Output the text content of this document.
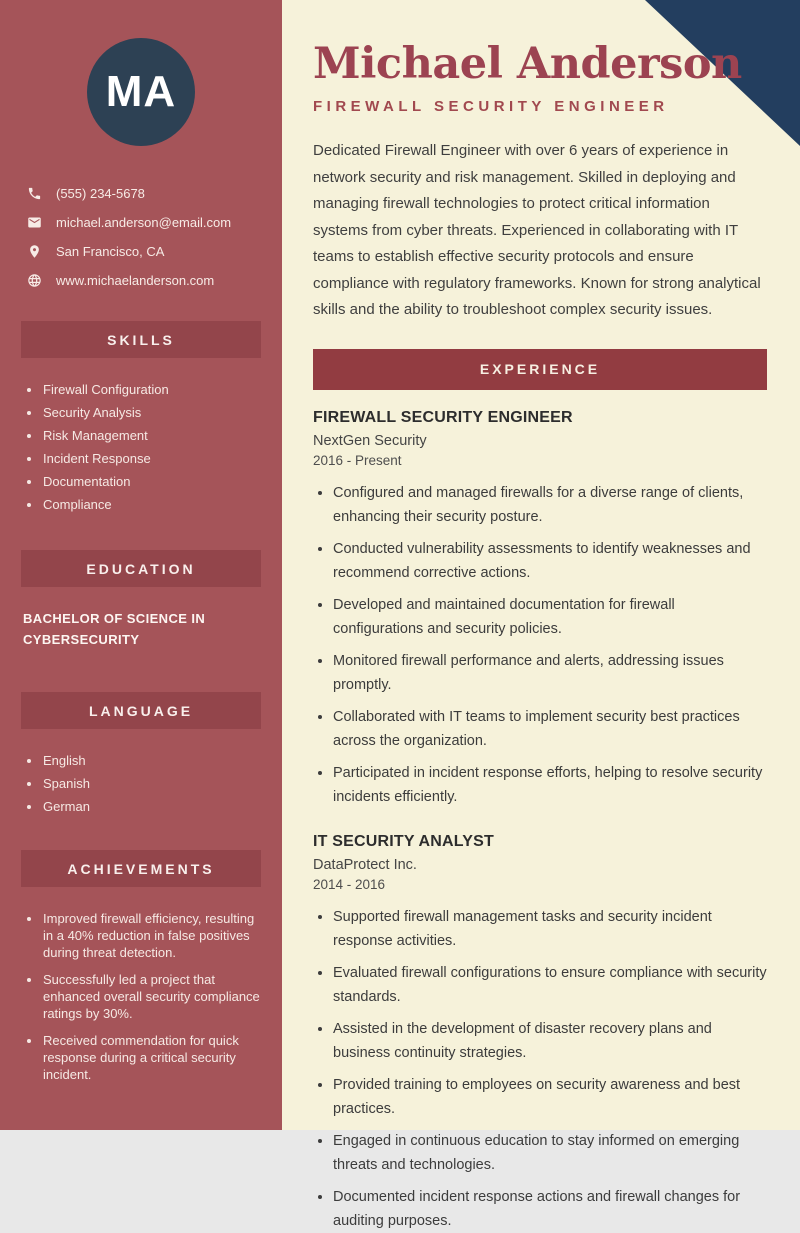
MA
(555) 234-5678
michael.anderson@email.com
San Francisco, CA
www.michaelanderson.com
SKILLS
Firewall Configuration
Security Analysis
Risk Management
Incident Response
Documentation
Compliance
EDUCATION
BACHELOR OF SCIENCE IN CYBERSECURITY
LANGUAGE
English
Spanish
German
ACHIEVEMENTS
Improved firewall efficiency, resulting in a 40% reduction in false positives during threat detection.
Successfully led a project that enhanced overall security compliance ratings by 30%.
Received commendation for quick response during a critical security incident.
Michael Anderson
FIREWALL SECURITY ENGINEER

Dedicated Firewall Engineer with over 6 years of experience in network security and risk management. Skilled in deploying and managing firewall technologies to protect critical information systems from cyber threats. Experienced in collaborating with IT teams to establish effective security protocols and ensure compliance with regulatory frameworks. Known for strong analytical skills and the ability to troubleshoot complex security issues.

EXPERIENCE
FIREWALL SECURITY ENGINEER
NextGen Security
2016 - Present
• Configured and managed firewalls for a diverse range of clients, enhancing their security posture.
• Conducted vulnerability assessments to identify weaknesses and recommend corrective actions.
• Developed and maintained documentation for firewall configurations and security policies.
• Monitored firewall performance and alerts, addressing issues promptly.
• Collaborated with IT teams to implement security best practices across the organization.
• Participated in incident response efforts, helping to resolve security incidents efficiently.
IT SECURITY ANALYST
DataProtect Inc.
2014 - 2016
• Supported firewall management tasks and security incident response activities.
• Evaluated firewall configurations to ensure compliance with security standards.
• Assisted in the development of disaster recovery plans and business continuity strategies.
• Provided training to employees on security awareness and best practices.
• Engaged in continuous education to stay informed on emerging threats and technologies.
• Documented incident response actions and firewall changes for auditing purposes.
